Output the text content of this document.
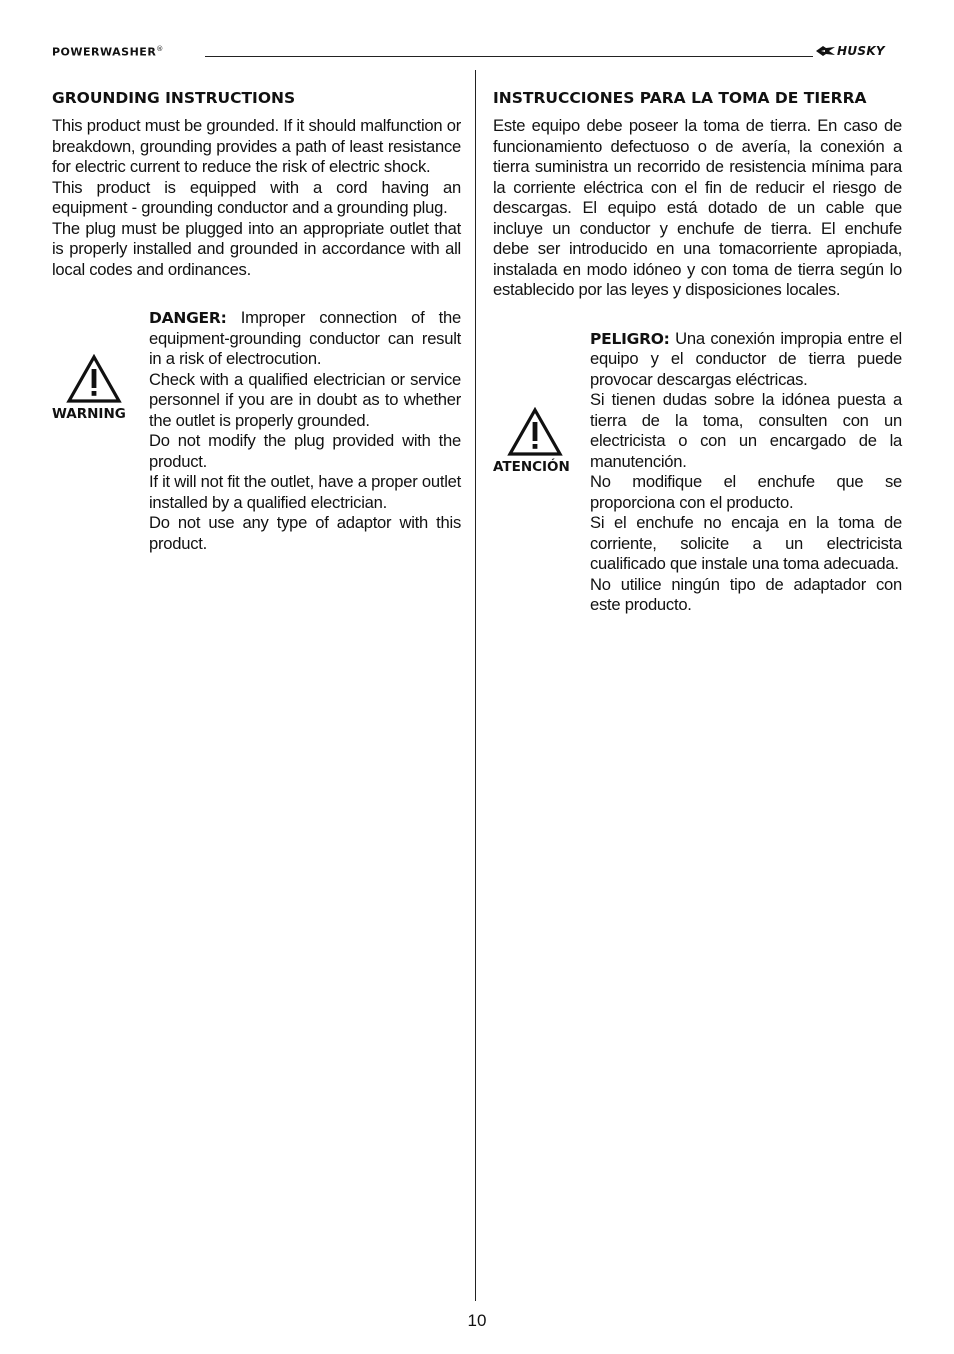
POWERWASHER®	HUSKY
GROUNDING INSTRUCTIONS
This product must be grounded. If it should malfunction or breakdown, grounding provides a path of least resistance for electric current to reduce the risk of electric shock.
This product is equipped with a cord having an equipment - grounding conductor and a grounding plug.
The plug must be plugged into an appropriate outlet that is properly installed and grounded in accordance with all local codes and ordinances.
WARNING
DANGER: Improper connection of the equipment-grounding conductor can result in a risk of electrocution.
Check with a qualified electrician or service personnel if you are in doubt as to whether the outlet is properly grounded.
Do not modify the plug provided with the product.
If it will not fit the outlet, have a proper outlet installed by a qualified electrician.
Do not use any type of adaptor with this product.
INSTRUCCIONES PARA LA TOMA DE TIERRA
Este equipo debe poseer la toma de tierra. En caso de funcionamiento defectuoso o de avería, la conexión a tierra suministra un recorrido de resistencia mínima para la corriente eléctrica con el fin de reducir el riesgo de descargas. El equipo está dotado de un cable que incluye un conductor y enchufe de tierra. El enchufe debe ser introducido en una tomacorriente apropiada, instalada en modo idóneo y con toma de tierra según lo establecido por las leyes y disposiciones locales.
ATENCIÓN
PELIGRO: Una conexión impropia entre el equipo y el conductor de tierra puede provocar descargas eléctricas.
Si tienen dudas sobre la idónea puesta a tierra de la toma, consulten con un electricista o con un encargado de la manutención.
No modifique el enchufe que se proporciona con el producto.
Si el enchufe no encaja en la toma de corriente, solicite a un electricista cualificado que instale una toma adecuada.
No utilice ningún tipo de adaptador con este producto.
10
